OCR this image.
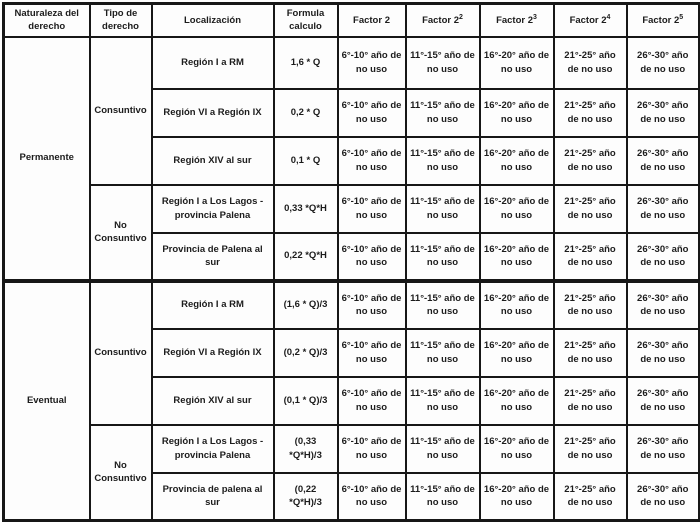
Naturaleza del derecho	Tipo de derecho	Localización	Formula calculo	Factor 2	Factor $2^2$	Factor $2^3$	Factor $2^4$	Factor $2^5$
Permanente	Consuntivo	Región I a RM	1,6 * Q	6°-10° año de no uso	11°-15° año de no uso	16°-20° año de no uso	21°-25° año de no uso	26°-30° año de no uso
		Región VI a Región IX	0,2 * Q	6°-10° año de no uso	11°-15° año de no uso	16°-20° año de no uso	21°-25° año de no uso	26°-30° año de no uso
		Región XIV al sur	0,1 * Q	6°-10° año de no uso	11°-15° año de no uso	16°-20° año de no uso	21°-25° año de no uso	26°-30° año de no uso
	No Consuntivo	Región I a Los Lagos - provincia Palena	0,33 *Q*H	6°-10° año de no uso	11°-15° año de no uso	16°-20° año de no uso	21°-25° año de no uso	26°-30° año de no uso
		Provincia de Palena al sur	0,22 *Q*H	6°-10° año de no uso	11°-15° año de no uso	16°-20° año de no uso	21°-25° año de no uso	26°-30° año de no uso
Eventual	Consuntivo	Región I a RM	(1,6 * Q)/3	6°-10° año de no uso	11°-15° año de no uso	16°-20° año de no uso	21°-25° año de no uso	26°-30° año de no uso
		Región VI a Región IX	(0,2 * Q)/3	6°-10° año de no uso	11°-15° año de no uso	16°-20° año de no uso	21°-25° año de no uso	26°-30° año de no uso
		Región XIV al sur	(0,1 * Q)/3	6°-10° año de no uso	11°-15° año de no uso	16°-20° año de no uso	21°-25° año de no uso	26°-30° año de no uso
	No Consuntivo	Región I a Los Lagos - provincia Palena	(0,33 *Q*H)/3	6°-10° año de no uso	11°-15° año de no uso	16°-20° año de no uso	21°-25° año de no uso	26°-30° año de no uso
		Provincia de palena al sur	(0,22 *Q*H)/3	6°-10° año de no uso	11°-15° año de no uso	16°-20° año de no uso	21°-25° año de no uso	26°-30° año de no uso
